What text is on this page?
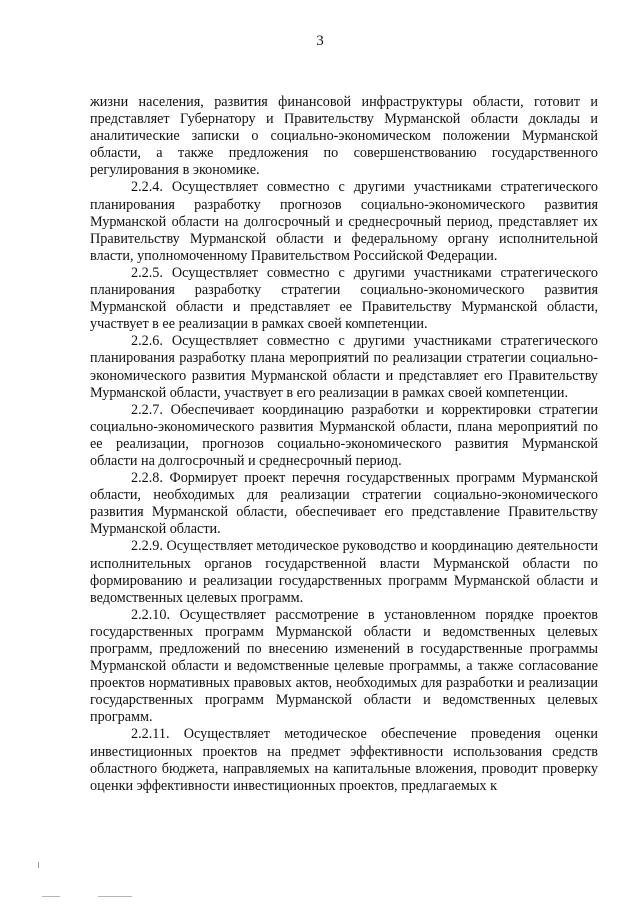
3

жизни населения, развития финансовой инфраструктуры области, готовит и представляет Губернатору и Правительству Мурманской области доклады и аналитические записки о социально-экономическом положении Мурманской области, а также предложения по совершенствованию государственного регулирования в экономике.

2.2.4. Осуществляет совместно с другими участниками стратегического планирования разработку прогнозов социально-экономического развития Мурманской области на долгосрочный и среднесрочный период, представляет их Правительству Мурманской области и федеральному органу исполнительной власти, уполномоченному Правительством Российской Федерации.

2.2.5. Осуществляет совместно с другими участниками стратегического планирования разработку стратегии социально-экономического развития Мурманской области и представляет ее Правительству Мурманской области, участвует в ее реализации в рамках своей компетенции.

2.2.6. Осуществляет совместно с другими участниками стратегического планирования разработку плана мероприятий по реализации стратегии социально-экономического развития Мурманской области и представляет его Правительству Мурманской области, участвует в его реализации в рамках своей компетенции.

2.2.7. Обеспечивает координацию разработки и корректировки стратегии социально-экономического развития Мурманской области, плана мероприятий по ее реализации, прогнозов социально-экономического развития Мурманской области на долгосрочный и среднесрочный период.

2.2.8. Формирует проект перечня государственных программ Мурманской области, необходимых для реализации стратегии социально-экономического развития Мурманской области, обеспечивает его представление Правительству Мурманской области.

2.2.9. Осуществляет методическое руководство и координацию деятельности исполнительных органов государственной власти Мурманской области по формированию и реализации государственных программ Мурманской области и ведомственных целевых программ.

2.2.10. Осуществляет рассмотрение в установленном порядке проектов государственных программ Мурманской области и ведомственных целевых программ, предложений по внесению изменений в государственные программы Мурманской области и ведомственные целевые программы, а также согласование проектов нормативных правовых актов, необходимых для разработки и реализации государственных программ Мурманской области и ведомственных целевых программ.

2.2.11. Осуществляет методическое обеспечение проведения оценки инвестиционных проектов на предмет эффективности использования средств областного бюджета, направляемых на капитальные вложения, проводит проверку оценки эффективности инвестиционных проектов, предлагаемых к
